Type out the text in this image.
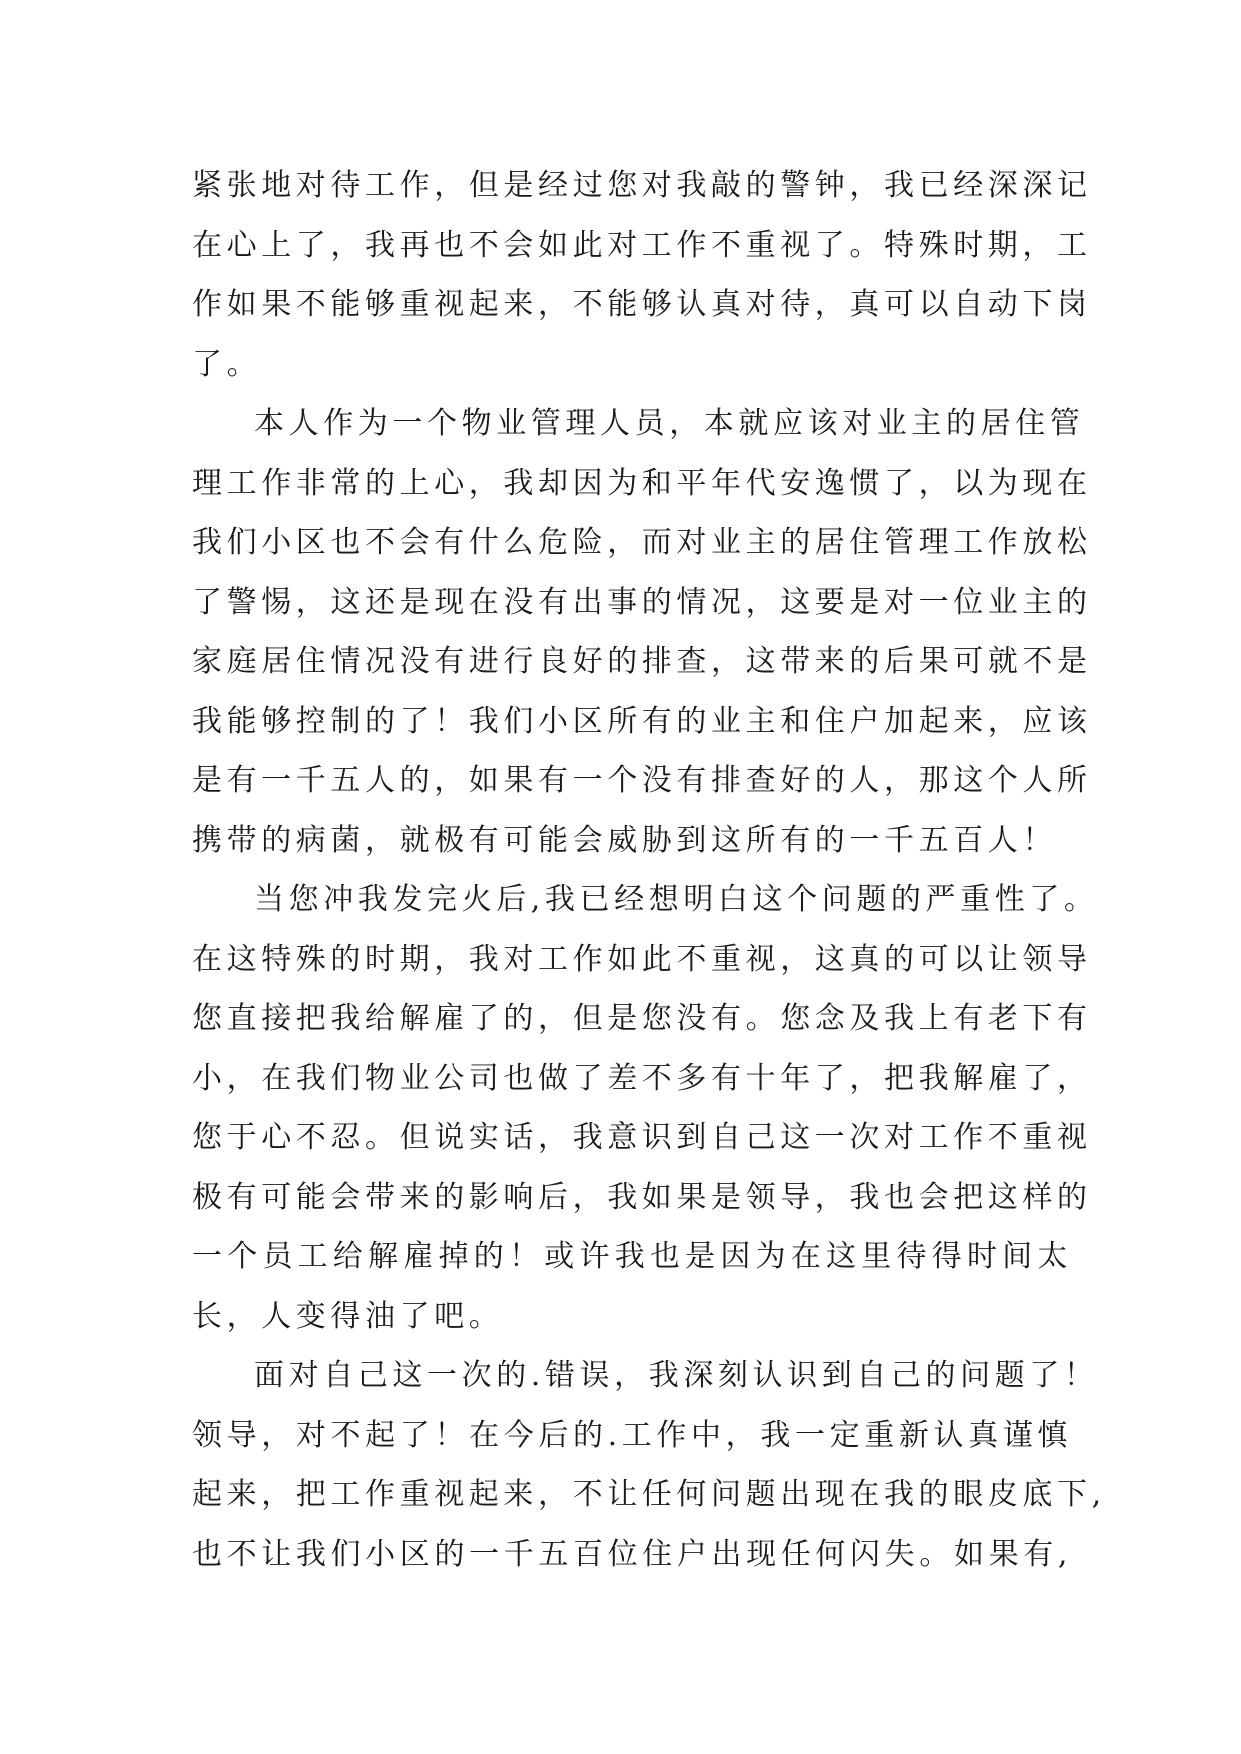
紧张地对待工作，但是经过您对我敲的警钟，我已经深深记
在心上了，我再也不会如此对工作不重视了。特殊时期，工
作如果不能够重视起来，不能够认真对待，真可以自动下岗
了。
本人作为一个物业管理人员，本就应该对业主的居住管
理工作非常的上心，我却因为和平年代安逸惯了，以为现在
我们小区也不会有什么危险，而对业主的居住管理工作放松
了警惕，这还是现在没有出事的情况，这要是对一位业主的
家庭居住情况没有进行良好的排查，这带来的后果可就不是
我能够控制的了！我们小区所有的业主和住户加起来，应该
是有一千五人的，如果有一个没有排查好的人，那这个人所
携带的病菌，就极有可能会威胁到这所有的一千五百人！
当您冲我发完火后,我已经想明白这个问题的严重性了。
在这特殊的时期，我对工作如此不重视，这真的可以让领导
您直接把我给解雇了的，但是您没有。您念及我上有老下有
小，在我们物业公司也做了差不多有十年了，把我解雇了，
您于心不忍。但说实话，我意识到自己这一次对工作不重视
极有可能会带来的影响后，我如果是领导，我也会把这样的
一个员工给解雇掉的！或许我也是因为在这里待得时间太
长，人变得油了吧。
面对自己这一次的.错误，我深刻认识到自己的问题了！
领导，对不起了！在今后的.工作中，我一定重新认真谨慎
起来，把工作重视起来，不让任何问题出现在我的眼皮底下,
也不让我们小区的一千五百位住户出现任何闪失。如果有,
